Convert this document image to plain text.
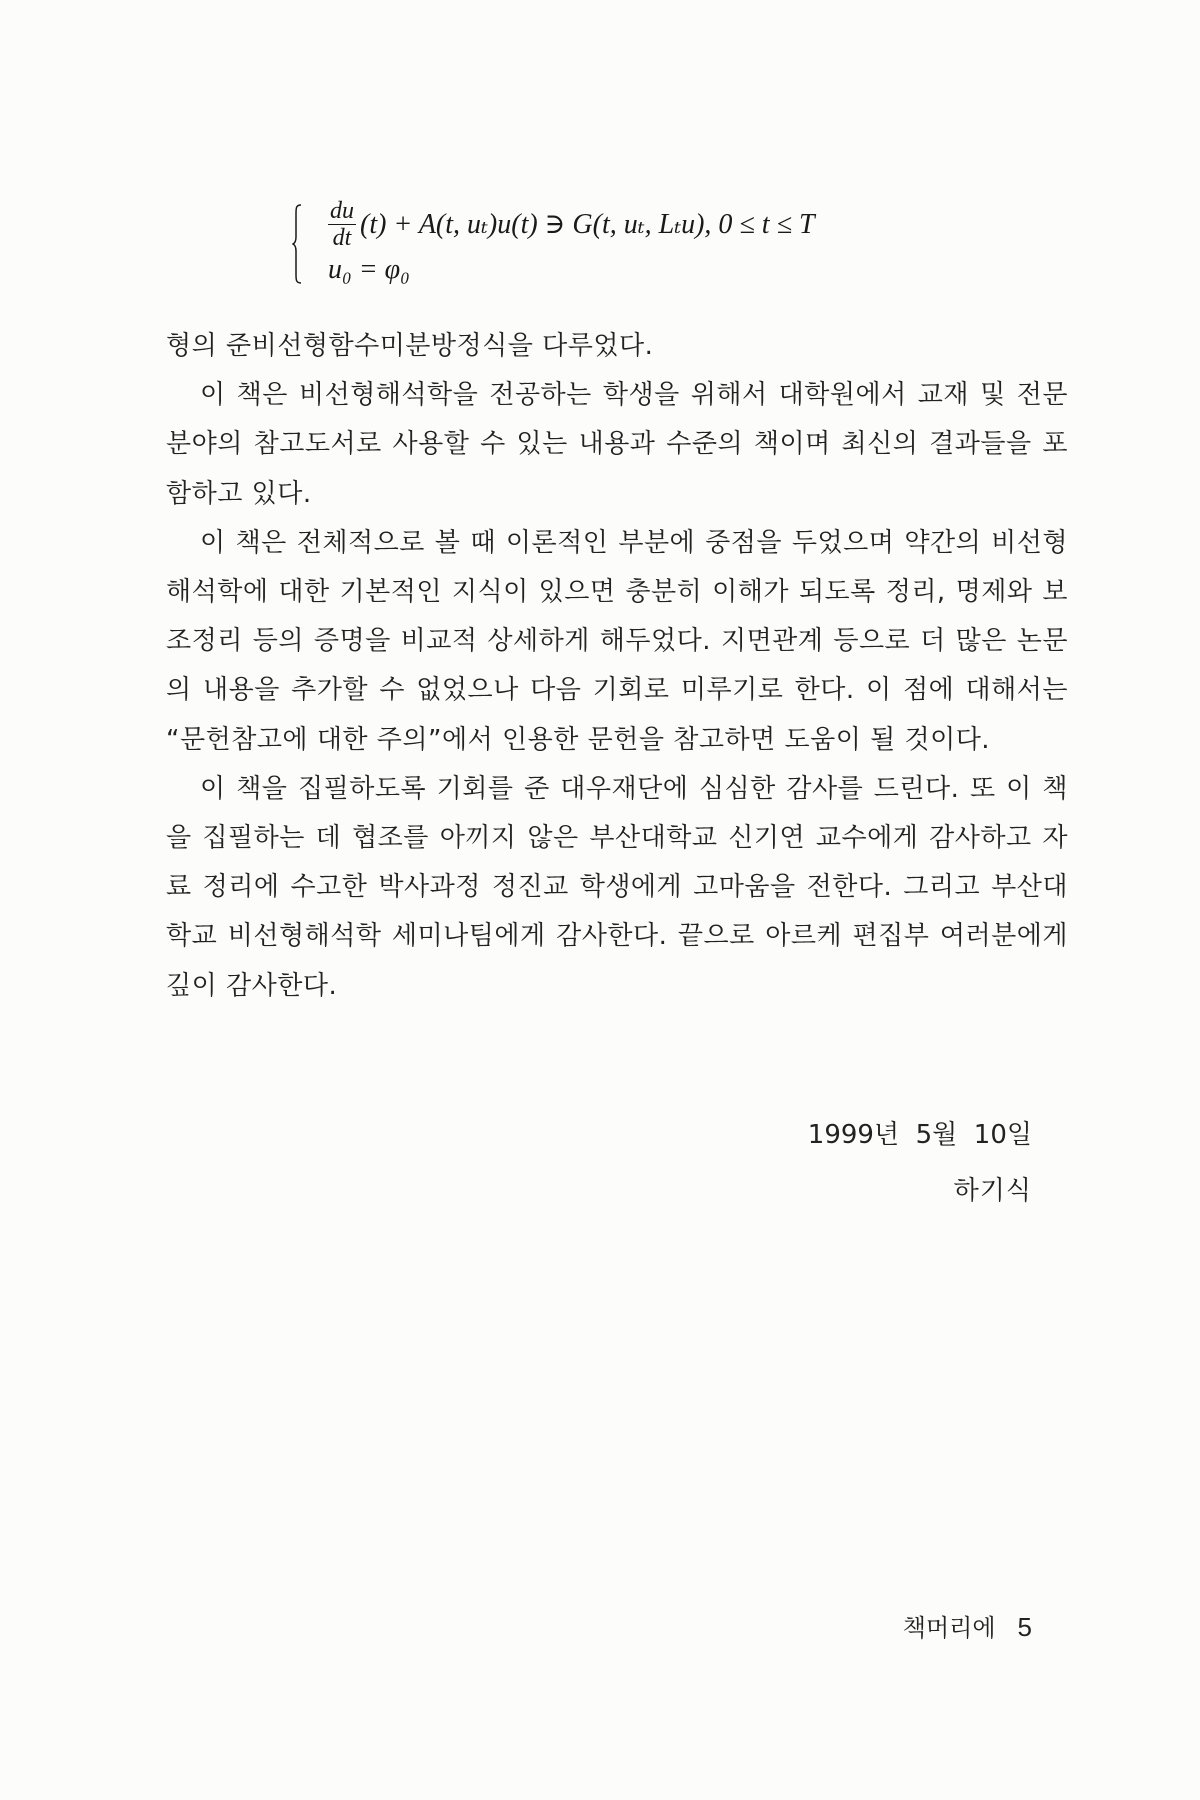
$\frac{du}{dt} (t) + A(t$, uₜ)u(t) ∋ G(t, uₜ, Lₜu), 0 ≤ t ≤ T
u₀ = φ₀

형의 준비선형함수미분방정식을 다루었다.

이 책은 비선형해석학을 전공하는 학생을 위해서 대학원에서 교재 및 전문 분야의 참고도서로 사용할 수 있는 내용과 수준의 책이며 최신의 결과들을 포함하고 있다.

이 책은 전체적으로 볼 때 이론적인 부분에 중점을 두었으며 약간의 비선형해석학에 대한 기본적인 지식이 있으면 충분히 이해가 되도록 정리, 명제와 보조정리 등의 증명을 비교적 상세하게 해두었다. 지면관계 등으로 더 많은 논문의 내용을 추가할 수 없었으나 다음 기회로 미루기로 한다. 이 점에 대해서는 “문헌참고에 대한 주의”에서 인용한 문헌을 참고하면 도움이 될 것이다.

이 책을 집필하도록 기회를 준 대우재단에 심심한 감사를 드린다. 또 이 책을 집필하는 데 협조를 아끼지 않은 부산대학교 신기연 교수에게 감사하고 자료 정리에 수고한 박사과정 정진교 학생에게 고마움을 전한다. 그리고 부산대학교 비선형해석학 세미나팀에게 감사한다. 끝으로 아르케 편집부 여러분에게 깊이 감사한다.

1999년  5월  10일
하기식
책머리에 5
